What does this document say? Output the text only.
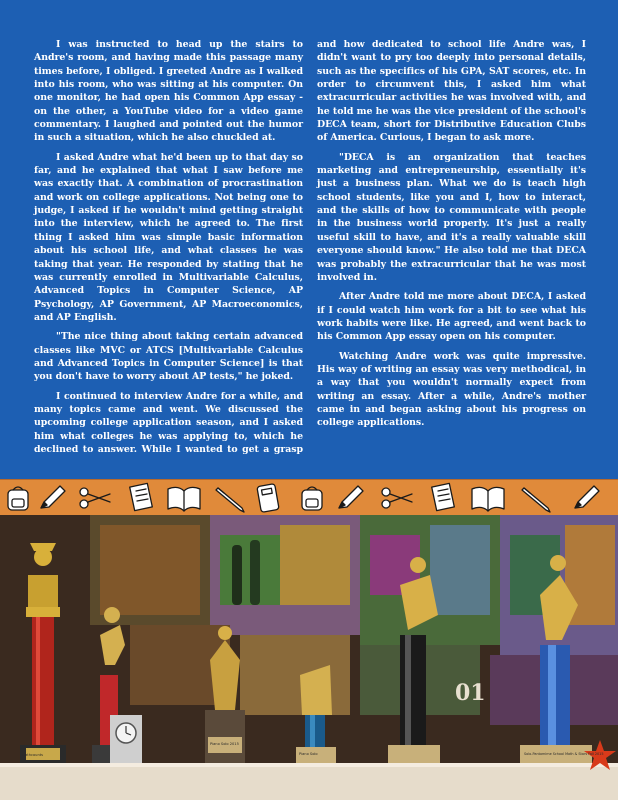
I was instructed to head up the stairs to Andre's room, and having made this passage many times before, I obliged. I greeted Andre as I walked into his room, who was sitting at his computer. On one monitor, he had open his Common App essay - on the other, a YouTube video for a video game commentary. I laughed and pointed out the humor in such a situation, which he also chuckled at.

I asked Andre what he'd been up to that day so far, and he explained that what I saw before me was exactly that. A combination of procrastination and work on college applications. Not being one to judge, I asked if he wouldn't mind getting straight into the interview, which he agreed to. The first thing I asked him was simple basic information about his school life, and what classes he was taking that year. He responded by stating that he was currently enrolled in Multivariable Calculus, Advanced Topics in Computer Science, AP Psychology, AP Government, AP Macroeconomics, and AP English.

"The nice thing about taking certain advanced classes like MVC or ATCS [Multivariable Calculus and Advanced Topics in Computer Science] is that you don't have to worry about AP tests," he joked.

I continued to interview Andre for a while, and many topics came and went. We discussed the upcoming college application season, and I asked him what colleges he was applying to, which he declined to answer. While I wanted to get a grasp and how dedicated to school life Andre was, I didn't want to pry too deeply into personal details, such as the specifics of his GPA, SAT scores, etc. In order to circumvent this, I asked him what extracurricular activities he was involved with, and he told me he was the vice president of the school's DECA team, short for Distributive Education Clubs of America. Curious, I began to ask more.

"DECA is an organization that teaches marketing and entrepreneurship, essentially it's just a business plan. What we do is teach high school students, like you and I, how to interact, and the skills of how to communicate with people in the business world properly. It's just a really useful skill to have, and it's a really valuable skill everyone should know." He also told me that DECA was probably the extracurricular that he was most involved in.

After Andre told me more about DECA, I asked if I could watch him work for a bit to see what his work habits were like. He agreed, and went back to his Common App essay open on his computer.

Watching Andre work was quite impressive. His way of writing an essay was very methodical, in a way that you wouldn't normally expect from writing an essay. After a while, Andre's mother came in and began asking about his progress on college applications.

Mathcounts
Piano Solo 2015
Piano Solo	Solo-Pantomime School Math & Stars Fall 2015
01
